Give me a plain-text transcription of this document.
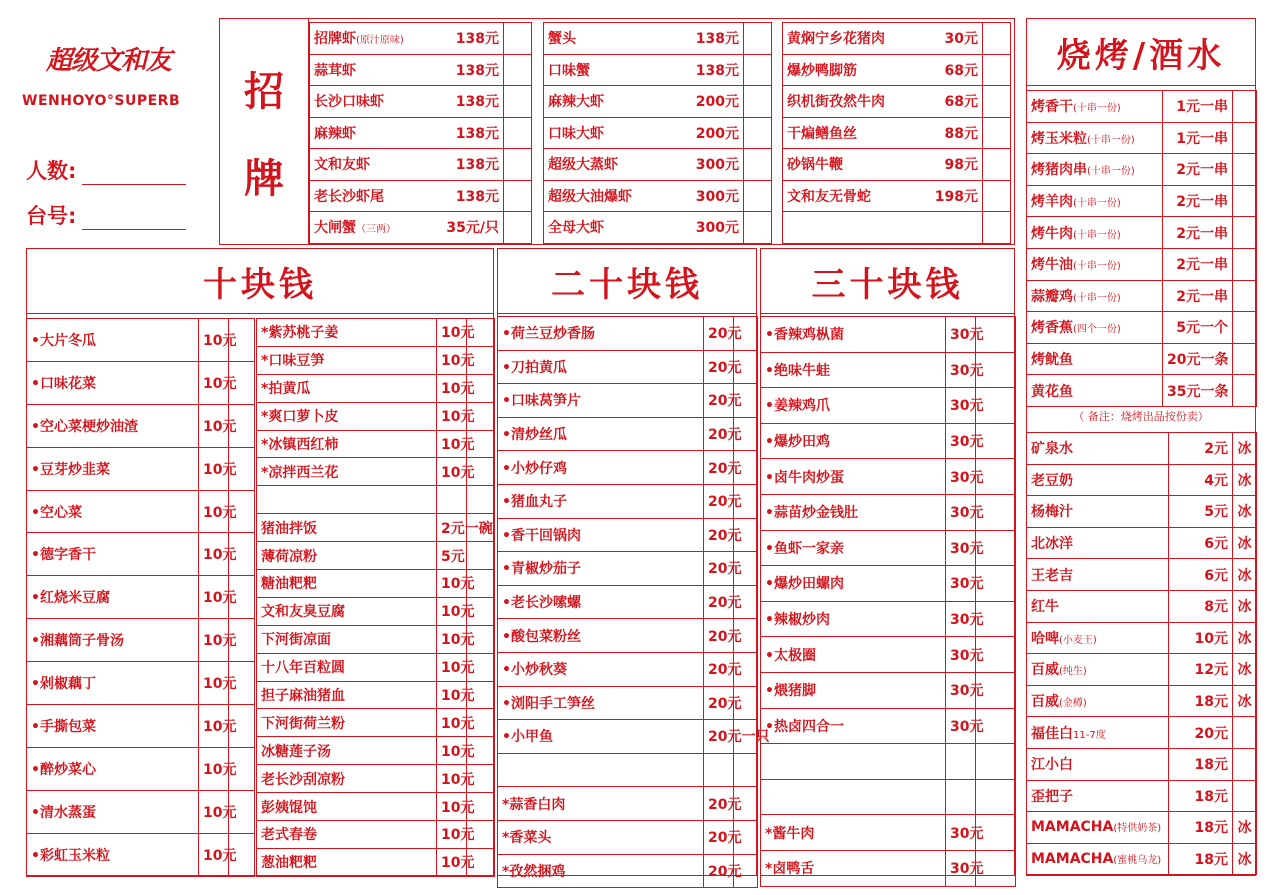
超级文和友
WENHOYO°SUPERB
人数:
台号:
招
牌
招牌虾(原汁原味) 138元	

蒜茸虾 138元	

长沙口味虾 138元	

麻辣虾 138元	

文和友虾 138元	

老长沙虾尾 138元	

大闸蟹（三两） 35元/只	

蟹头 138元	

口味蟹 138元	

麻辣大虾 200元	

口味大虾 200元	

超级大蒸虾 300元	

超级大油爆虾 300元	

全母大虾 300元	

黄焖宁乡花猪肉 30元	

爆炒鸭脚筋 68元	

织机街孜然牛肉 68元	

干煸鳝鱼丝 88元	

砂锅牛鞭 98元	

文和友无骨蛇 198元	

十块钱
•大片冬瓜	10元	
•口味花菜	10元	
•空心菜梗炒油渣	10元	
•豆芽炒韭菜	10元	
•空心菜	10元	
•德字香干	10元	
•红烧米豆腐	10元	
•湘藕筒子骨汤	10元	
•剁椒藕丁	10元	
•手撕包菜	10元	
•醉炒菜心	10元	
•清水蒸蛋	10元	
•彩虹玉米粒	10元	
*紫苏桃子姜	10元	
*口味豆笋	10元	
*拍黄瓜	10元	
*爽口萝卜皮	10元	
*冰镇西红柿	10元	
*凉拌西兰花	10元	

猪油拌饭	2元一碗	
薄荷凉粉	5元	
糖油粑粑	10元	
文和友臭豆腐	10元	
下河街凉面	10元	
十八年百粒圆	10元	
担子麻油猪血	10元	
下河街荷兰粉	10元	
冰糖莲子汤	10元	
老长沙刮凉粉	10元	
彭姨馄饨	10元	
老式春卷	10元	
葱油粑粑	10元	
二十块钱
•荷兰豆炒香肠	20元	
•刀拍黄瓜	20元	
•口味莴笋片	20元	
•清炒丝瓜	20元	
•小炒仔鸡	20元	
•猪血丸子	20元	
•香干回锅肉	20元	
•青椒炒茄子	20元	
•老长沙嗦螺	20元	
•酸包菜粉丝	20元	
•小炒秋葵	20元	
•浏阳手工笋丝	20元	
•小甲鱼	20元一只	

*蒜香白肉	20元	
*香菜头	20元	
*孜然捆鸡	20元	
三十块钱
•香辣鸡枞菌	30元	
•绝味牛蛙	30元	
•姜辣鸡爪	30元	
•爆炒田鸡	30元	
•卤牛肉炒蛋	30元	
•蒜苗炒金钱肚	30元	
•鱼虾一家亲	30元	
•爆炒田螺肉	30元	
•辣椒炒肉	30元	
•太极圈	30元	
•煨猪脚	30元	
•热卤四合一	30元	

*酱牛肉	30元	
*卤鸭舌	30元	
烧烤/酒水
烤香干(十串一份)	1元一串	
烤玉米粒(十串一份)	1元一串	
烤猪肉串(十串一份)	2元一串	
烤羊肉(十串一份)	2元一串	
烤牛肉(十串一份)	2元一串	
烤牛油(十串一份)	2元一串	
蒜瓣鸡(十串一份)	2元一串	
烤香蕉(四个一份)	5元一个	
烤鱿鱼	20元一条	
黄花鱼	35元一条	
（ 备注：烧烤出品按份卖）
矿泉水	2元	冰
老豆奶	4元	冰
杨梅汁	5元	冰
北冰洋	6元	冰
王老吉	6元	冰
红牛	8元	冰
哈啤(小麦王)	10元	冰
百威(纯生)	12元	冰
百威(金樽)	18元	冰
福佳白11-7度	20元	
江小白	18元	
歪把子	18元	
MAMACHA(特供奶茶)	18元	冰
MAMACHA(蜜桃乌龙)	18元	冰
